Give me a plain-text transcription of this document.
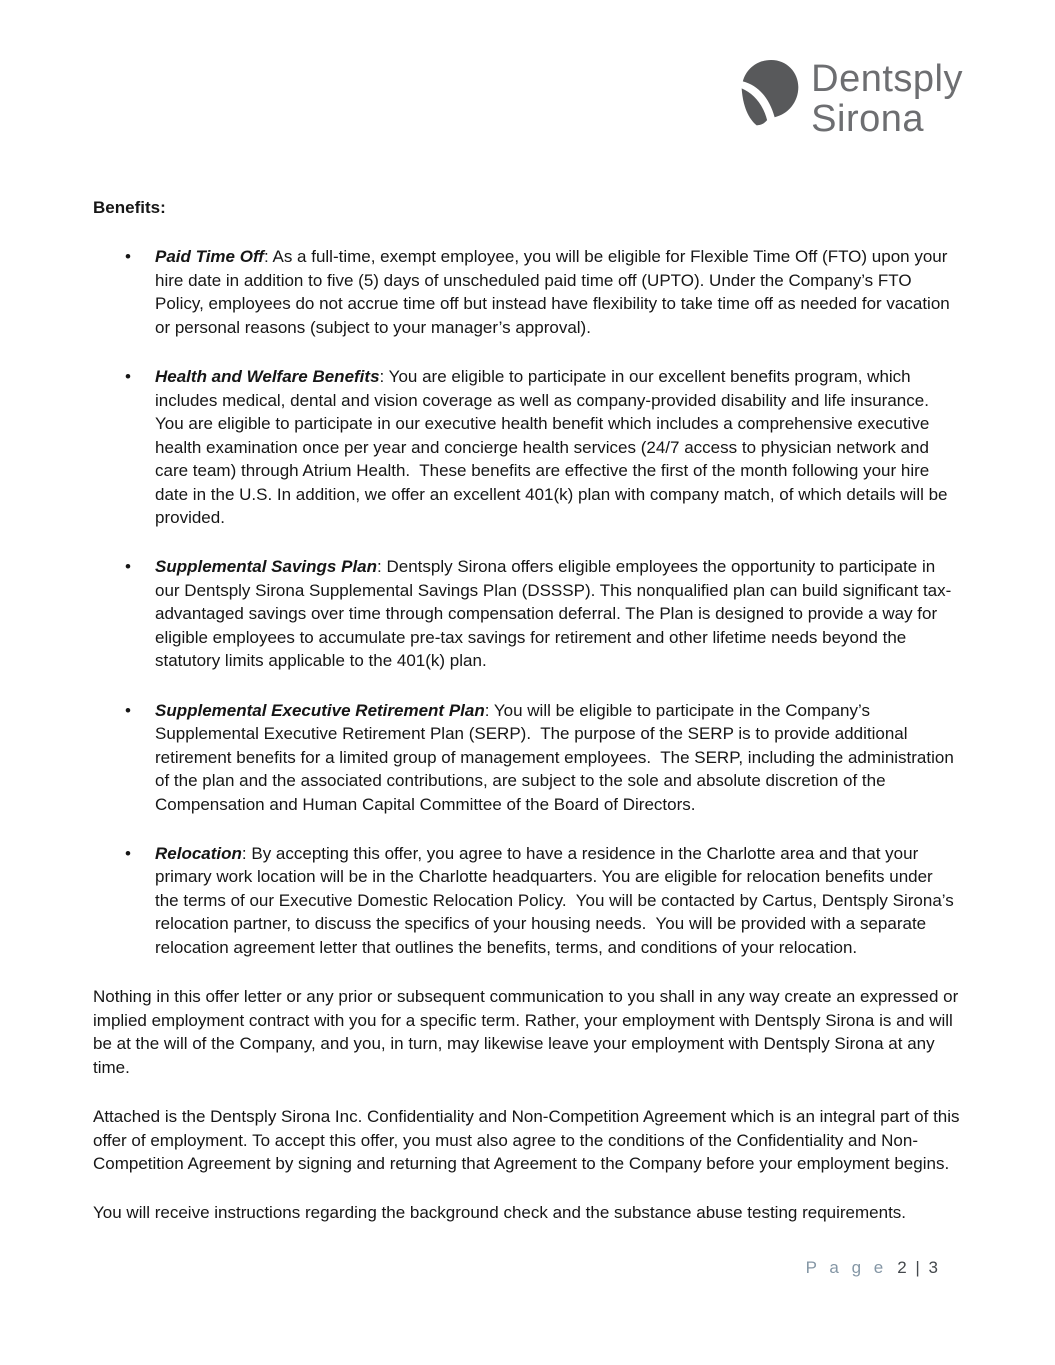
Dentsply
Sirona

Benefits:

•	Paid Time Off: As a full-time, exempt employee, you will be eligible for Flexible Time Off (FTO) upon your hire date in addition to five (5) days of unscheduled paid time off (UPTO). Under the Company’s FTO Policy, employees do not accrue time off but instead have flexibility to take time off as needed for vacation or personal reasons (subject to your manager’s approval).
•	Health and Welfare Benefits: You are eligible to participate in our excellent benefits program, which includes medical, dental and vision coverage as well as company-provided disability and life insurance. You are eligible to participate in our executive health benefit which includes a comprehensive executive health examination once per year and concierge health services (24/7 access to physician network and care team) through Atrium Health.  These benefits are effective the first of the month following your hire date in the U.S. In addition, we offer an excellent 401(k) plan with company match, of which details will be provided.
•	Supplemental Savings Plan: Dentsply Sirona offers eligible employees the opportunity to participate in our Dentsply Sirona Supplemental Savings Plan (DSSSP). This nonqualified plan can build significant tax-advantaged savings over time through compensation deferral. The Plan is designed to provide a way for eligible employees to accumulate pre-tax savings for retirement and other lifetime needs beyond the statutory limits applicable to the 401(k) plan.
•	Supplemental Executive Retirement Plan: You will be eligible to participate in the Company’s Supplemental Executive Retirement Plan (SERP).  The purpose of the SERP is to provide additional retirement benefits for a limited group of management employees.  The SERP, including the administration of the plan and the associated contributions, are subject to the sole and absolute discretion of the Compensation and Human Capital Committee of the Board of Directors.
•	Relocation: By accepting this offer, you agree to have a residence in the Charlotte area and that your primary work location will be in the Charlotte headquarters. You are eligible for relocation benefits under the terms of our Executive Domestic Relocation Policy.  You will be contacted by Cartus, Dentsply Sirona’s relocation partner, to discuss the specifics of your housing needs.  You will be provided with a separate relocation agreement letter that outlines the benefits, terms, and conditions of your relocation.

Nothing in this offer letter or any prior or subsequent communication to you shall in any way create an expressed or implied employment contract with you for a specific term. Rather, your employment with Dentsply Sirona is and will be at the will of the Company, and you, in turn, may likewise leave your employment with Dentsply Sirona at any time.

Attached is the Dentsply Sirona Inc. Confidentiality and Non-Competition Agreement which is an integral part of this offer of employment. To accept this offer, you must also agree to the conditions of the Confidentiality and Non-Competition Agreement by signing and returning that Agreement to the Company before your employment begins.

You will receive instructions regarding the background check and the substance abuse testing requirements.

P a g e 2 | 3
